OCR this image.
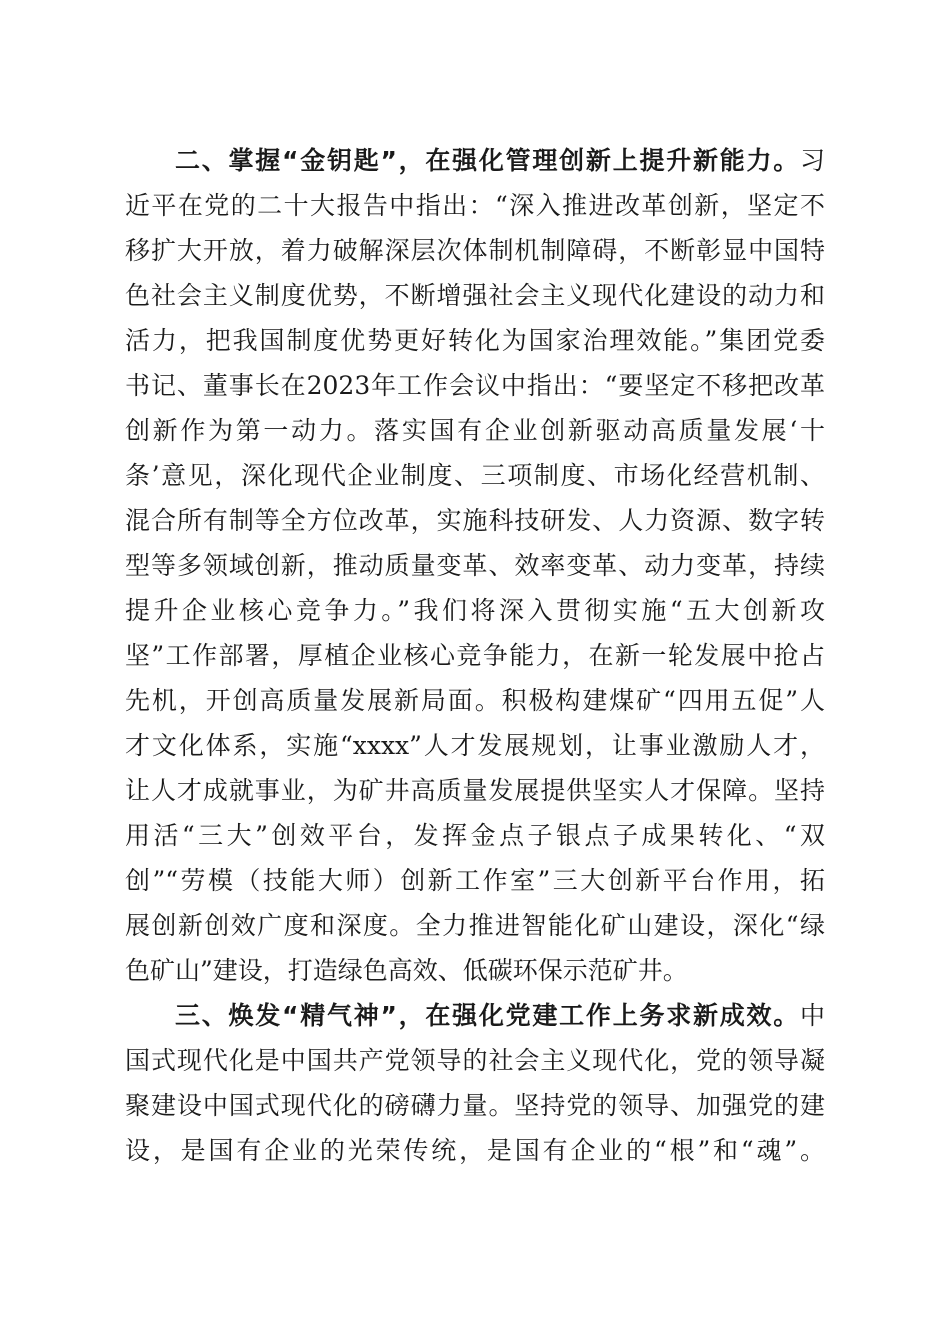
二、掌握“金钥匙”，在强化管理创新上提升新能力。习
近平在党的二十大报告中指出：“深入推进改革创新，坚定不
移扩大开放，着力破解深层次体制机制障碍，不断彰显中国特
色社会主义制度优势，不断增强社会主义现代化建设的动力和
活力，把我国制度优势更好转化为国家治理效能。”集团党委
书记、董事长在2023年工作会议中指出：“要坚定不移把改革
创新作为第一动力。落实国有企业创新驱动高质量发展‘十
条’意见，深化现代企业制度、三项制度、市场化经营机制、
混合所有制等全方位改革，实施科技研发、人力资源、数字转
型等多领域创新，推动质量变革、效率变革、动力变革，持续
提升企业核心竞争力。”我们将深入贯彻实施“五大创新攻
坚”工作部署，厚植企业核心竞争能力，在新一轮发展中抢占
先机，开创高质量发展新局面。积极构建煤矿“四用五促”人
才文化体系，实施“xxxx”人才发展规划，让事业激励人才，
让人才成就事业，为矿井高质量发展提供坚实人才保障。坚持
用活“三大”创效平台，发挥金点子银点子成果转化、“双
创”“劳模（技能大师）创新工作室”三大创新平台作用，拓
展创新创效广度和深度。全力推进智能化矿山建设，深化“绿
色矿山”建设，打造绿色高效、低碳环保示范矿井。
三、焕发“精气神”，在强化党建工作上务求新成效。中
国式现代化是中国共产党领导的社会主义现代化，党的领导凝
聚建设中国式现代化的磅礴力量。坚持党的领导、加强党的建
设，是国有企业的光荣传统，是国有企业的“根”和“魂”。
